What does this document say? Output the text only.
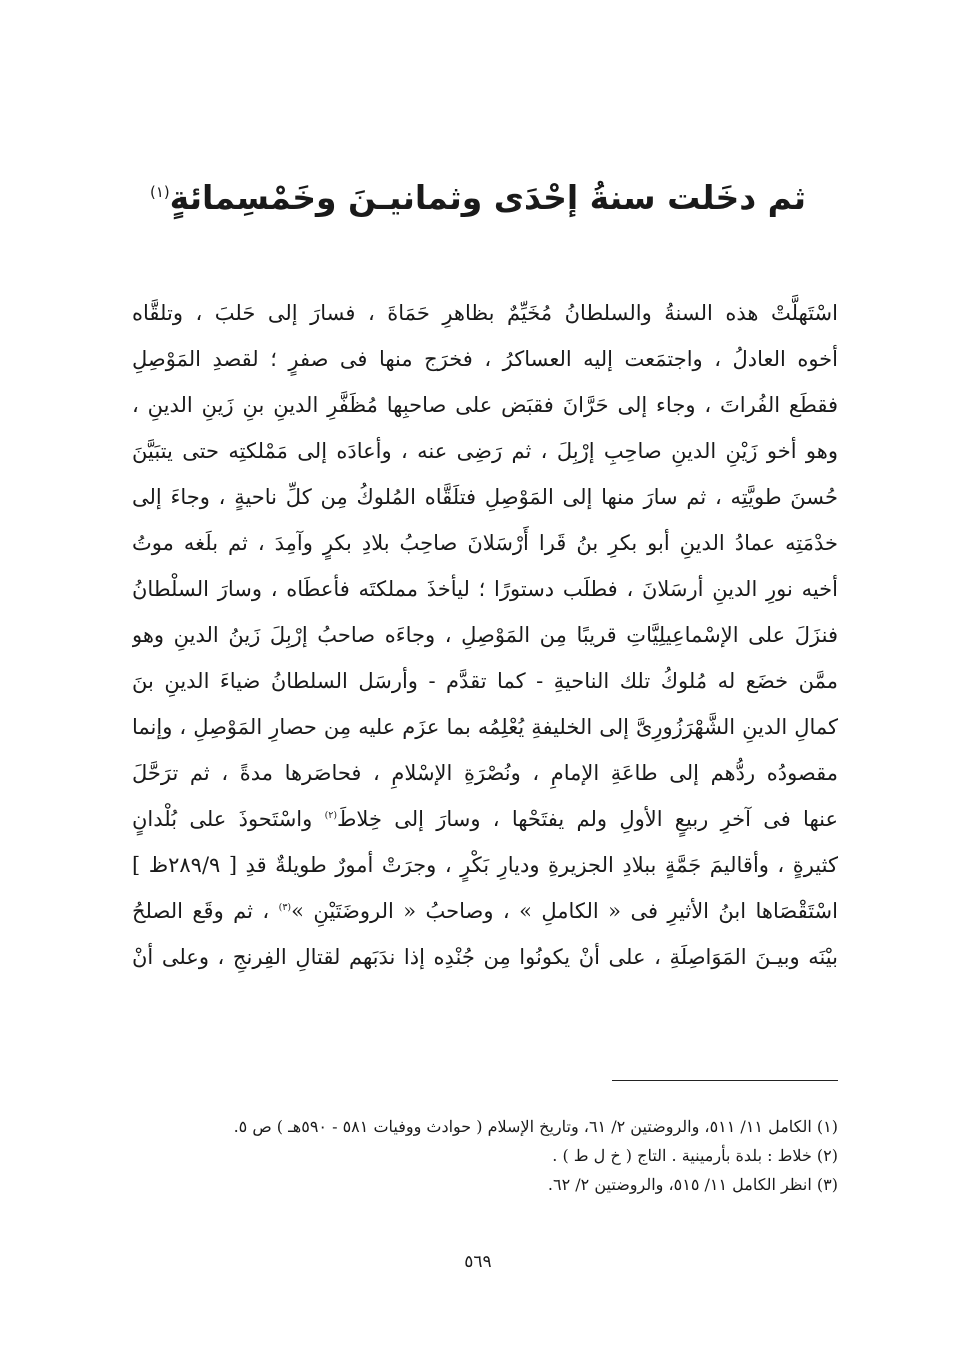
ثم دخَلت سنةُ إحْدَى وثمانيـنَ وخَمْسِمائةٍ$^{(١)}$
اسْتَهلَّتْ هذه السنةُ والسلطانُ مُخَيِّمٌ بظاهرِ حَمَاةَ ، فسارَ إلى حَلبَ ، وتلقَّاه
أخوه العادلُ ، واجتمَعت إليه العساكرُ ، فخرَج منها فى صفرٍ ؛ لقصدِ المَوْصِلِ
فقطَع الفُراتَ ، وجاء إلى حَرَّانَ فقبَض على صاحبِها مُظَفَّرِ الدينِ بنِ زَينِ الدينِ ،
وهو أخو زَيْنِ الدينِ صاحِبِ إرْبِلَ ، ثم رَضِى عنه ، وأعادَه إلى مَمْلكتِه حتى يتبَيَّنَ
حُسنَ طويَّتِه ، ثم سارَ منها إلى المَوْصِلِ فتلَقَّاه المُلوكُ مِن كلِّ ناحيةٍ ، وجاءَ إلى
خدْمَتِه عمادُ الدينِ أبو بكرِ بنُ قَرا أَرْسَلانَ صاحِبُ بلادِ بكرٍ وآمِدَ ، ثم بلَغه موتُ
أخيه نورِ الدينِ أرسَلانَ ، فطلَب دستورًا ؛ ليأخذَ مملكتَه فأعطَاه ، وسارَ السلْطانُ
فنزَلَ على الإسْماعِيلِيَّاتِ قريبًا مِن المَوْصِلِ ، وجاءَه صاحبُ إرْبِلَ زَينُ الدينِ وهو
ممَّن خضَع له مُلوكُ تلك الناحيةِ - كما تقدَّم - وأرسَل السلطانُ ضياءَ الدينِ بنَ
كمالِ الدينِ الشَّهْرَزُورِىَّ إلى الخليفةِ يُعْلِمُه بما عزَم عليه مِن حصارِ المَوْصِلِ ، وإنما
مقصودُه ردُّهم إلى طاعَةِ الإمامِ ، ونُصْرَةِ الإسْلامِ ، فحاصَرها مدةً ، ثم ترَحَّلَ
عنها فى آخرِ ربيعٍ الأولِ ولم يفتَحْها ، وسارَ إلى خِلاطَ$^{(٢)}$ واسْتَحوذَ على بُلْدانٍ
كثيرةٍ ، وأقاليمَ جَمَّةٍ ببلادِ الجزيرةِ وديارِ بَكْرٍ ، وجرَتْ أمورٌ طويلةٌ قدِ [ ٢٨٩/٩ظ ]
اسْتَقْصَاها ابنُ الأثيرِ فى « الكاملِ » ، وصاحبُ « الروضَتَيْنِ »$^{(٣)}$ ، ثم وقَع الصلحُ
بيْنَه وبيـنَ المَوَاصِلَةِ ، على أنْ يكونُوا مِن جُنْدِه إذا ندَبَهم لقتالِ الفِرنجِ ، وعلى أنْ
(١) الكامل ١١/ ٥١١، والروضتين ٢/ ٦١، وتاريخ الإسلام ( حوادث ووفيات ٥٨١ - ٥٩٠هـ ) ص ٥.
(٢) خلاط : بلدة بأرمينية . التاج ( خ ل ط ) .
(٣) انظر الكامل ١١/ ٥١٥، والروضتين ٢/ ٦٢.
٥٦٩
